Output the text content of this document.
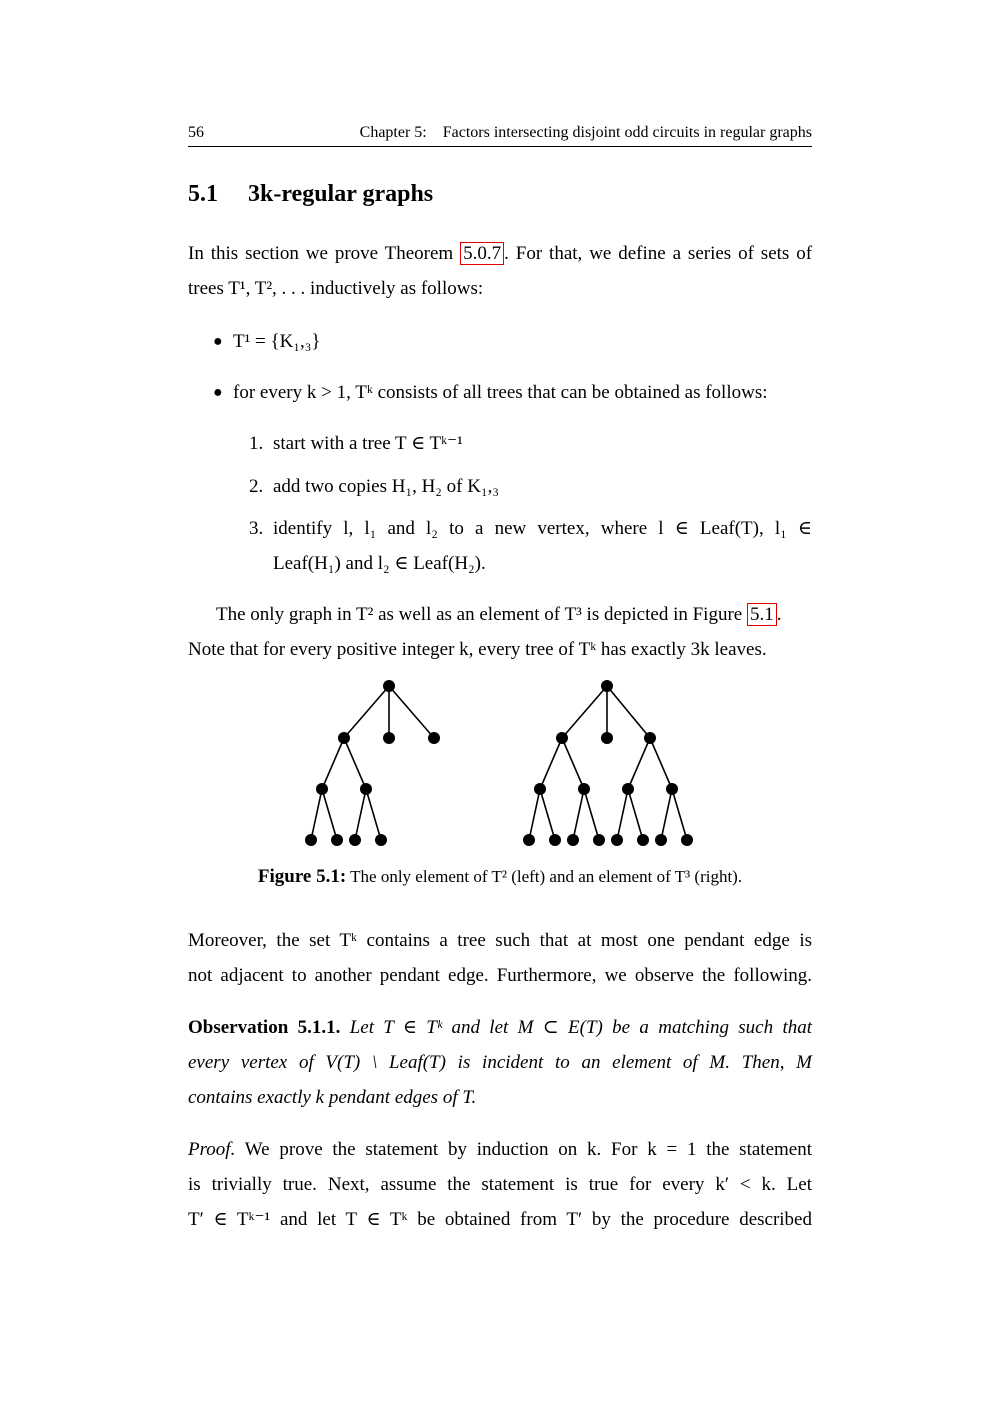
56	Chapter 5:    Factors intersecting disjoint odd circuits in regular graphs
5.1 3k-regular graphs
In this section we prove Theorem 5.0.7 . For that, we define a series of sets of
trees T¹, T², . . . inductively as follows:
● T¹ = {K₁,₃}
● for every k > 1, Tᵏ consists of all trees that can be obtained as follows:
1. start with a tree T ∈ Tᵏ⁻¹
2. add two copies H₁, H₂ of K₁,₃
3. identify l, l₁ and l₂ to a new vertex, where l ∈ Leaf(T), l₁ ∈
Leaf(H₁) and l₂ ∈ Leaf(H₂).
The only graph in T² as well as an element of T³ is depicted in Figure 5.1 .
Note that for every positive integer k, every tree of Tᵏ has exactly 3k leaves.
Figure 5.1: The only element of T² (left) and an element of T³ (right).
Moreover, the set Tᵏ contains a tree such that at most one pendant edge is
not adjacent to another pendant edge. Furthermore, we observe the following.
Observation 5.1.1. Let T ∈ Tᵏ and let M ⊂ E(T) be a matching such that
every vertex of V(T) \ Leaf(T) is incident to an element of M. Then, M
contains exactly k pendant edges of T.
Proof. We prove the statement by induction on k. For k = 1 the statement
is trivially true. Next, assume the statement is true for every k′ < k. Let
T′ ∈ Tᵏ⁻¹ and let T ∈ Tᵏ be obtained from T′ by the procedure described
